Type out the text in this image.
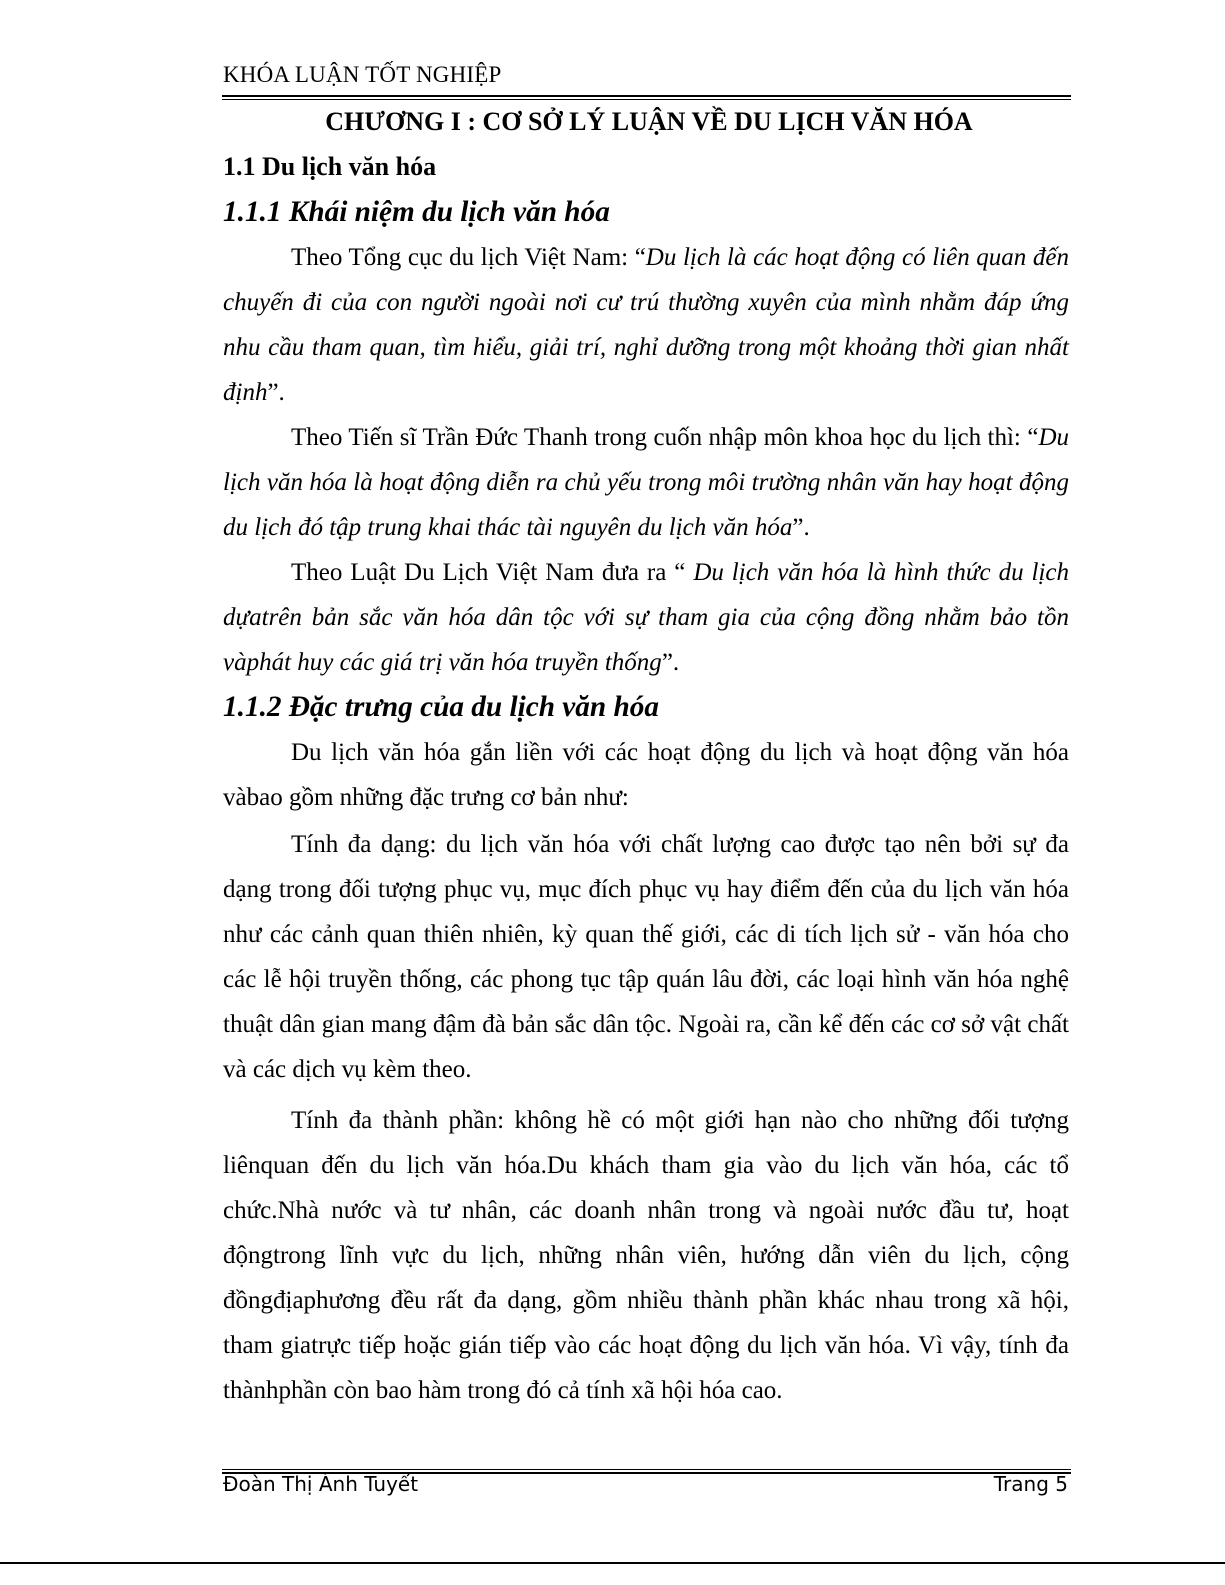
KHÓA LUẬN TỐT NGHIỆP
CHƯƠNG I : CƠ SỞ LÝ LUẬN VỀ DU LỊCH VĂN HÓA
1.1 Du lịch văn hóa
1.1.1 Khái niệm du lịch văn hóa

Theo Tổng cục du lịch Việt Nam: “Du lịch là các hoạt động có liên quan đến chuyến đi của con người ngoài nơi cư trú thường xuyên của mình nhằm đáp ứng nhu cầu tham quan, tìm hiểu, giải trí, nghỉ dưỡng trong một khoảng thời gian nhất định”.

Theo Tiến sĩ Trần Đức Thanh trong cuốn nhập môn khoa học du lịch thì: “Du lịch văn hóa là hoạt động diễn ra chủ yếu trong môi trường nhân văn hay hoạt động du lịch đó tập trung khai thác tài nguyên du lịch văn hóa”.

Theo Luật Du Lịch Việt Nam đưa ra “ Du lịch văn hóa là hình thức du lịch dựatrên bản sắc văn hóa dân tộc với sự tham gia của cộng đồng nhằm bảo tồn vàphát huy các giá trị văn hóa truyền thống”.

1.1.2 Đặc trưng của du lịch văn hóa

Du lịch văn hóa gắn liền với các hoạt động du lịch và hoạt động văn hóa vàbao gồm những đặc trưng cơ bản như:

Tính đa dạng: du lịch văn hóa với chất lượng cao được tạo nên bởi sự đa dạng trong đối tượng phục vụ, mục đích phục vụ hay điểm đến của du lịch văn hóa như các cảnh quan thiên nhiên, kỳ quan thế giới, các di tích lịch sử - văn hóa cho các lễ hội truyền thống, các phong tục tập quán lâu đời, các loại hình văn hóa nghệ thuật dân gian mang đậm đà bản sắc dân tộc. Ngoài ra, cần kể đến các cơ sở vật chất và các dịch vụ kèm theo.

Tính đa thành phần: không hề có một giới hạn nào cho những đối tượng liênquan đến du lịch văn hóa.Du khách tham gia vào du lịch văn hóa, các tổ chức.Nhà nước và tư nhân, các doanh nhân trong và ngoài nước đầu tư, hoạt độngtrong lĩnh vực du lịch, những nhân viên, hướng dẫn viên du lịch, cộng đồngđịaphương đều rất đa dạng, gồm nhiều thành phần khác nhau trong xã hội, tham giatrực tiếp hoặc gián tiếp vào các hoạt động du lịch văn hóa. Vì vậy, tính đa thànhphần còn bao hàm trong đó cả tính xã hội hóa cao.

Đoàn Thị Ánh Tuyết	Trang 5
